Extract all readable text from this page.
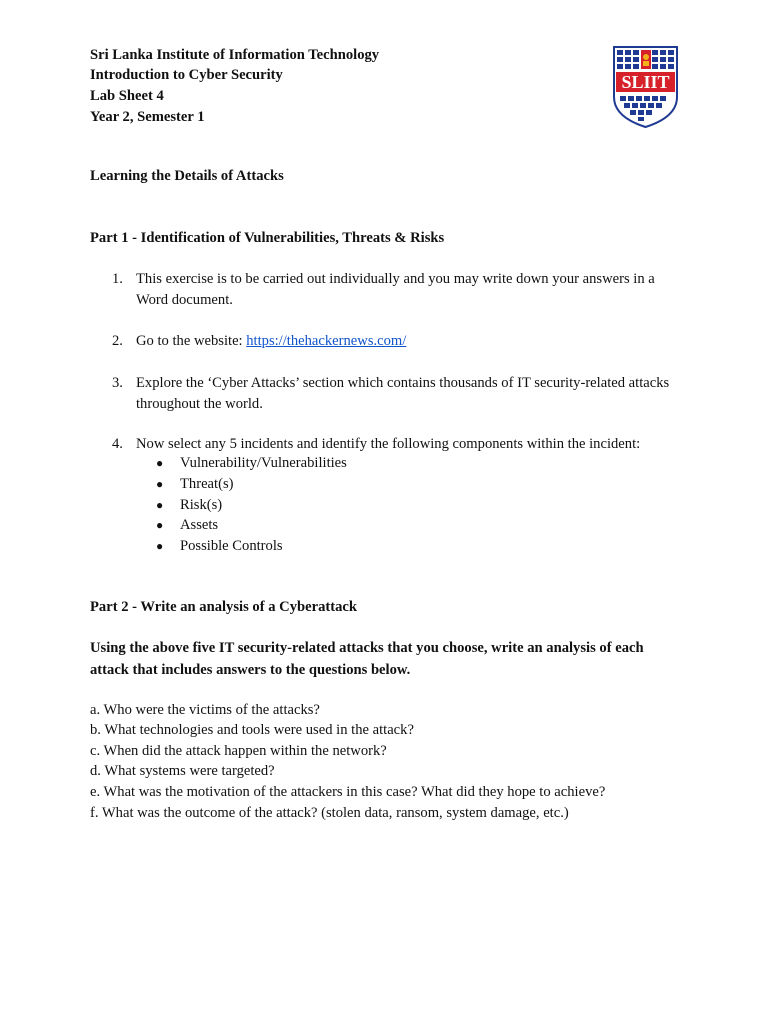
Sri Lanka Institute of Information Technology
Introduction to Cyber Security
Lab Sheet 4
Year 2, Semester 1
SLIIT
Learning the Details of Attacks
Part 1 - Identification of Vulnerabilities, Threats & Risks
1. This exercise is to be carried out individually and you may write down your answers in a Word document.
2. Go to the website: https://thehackernews.com/
3. Explore the ‘Cyber Attacks’ section which contains thousands of IT security-related attacks throughout the world.
4. Now select any 5 incidents and identify the following components within the incident:
● Vulnerability/Vulnerabilities
● Threat(s)
● Risk(s)
● Assets
● Possible Controls
Part 2 - Write an analysis of a Cyberattack
Using the above five IT security-related attacks that you choose, write an analysis of each
attack that includes answers to the questions below.
a. Who were the victims of the attacks?
b. What technologies and tools were used in the attack?
c. When did the attack happen within the network?
d. What systems were targeted?
e. What was the motivation of the attackers in this case? What did they hope to achieve?
f. What was the outcome of the attack? (stolen data, ransom, system damage, etc.)
